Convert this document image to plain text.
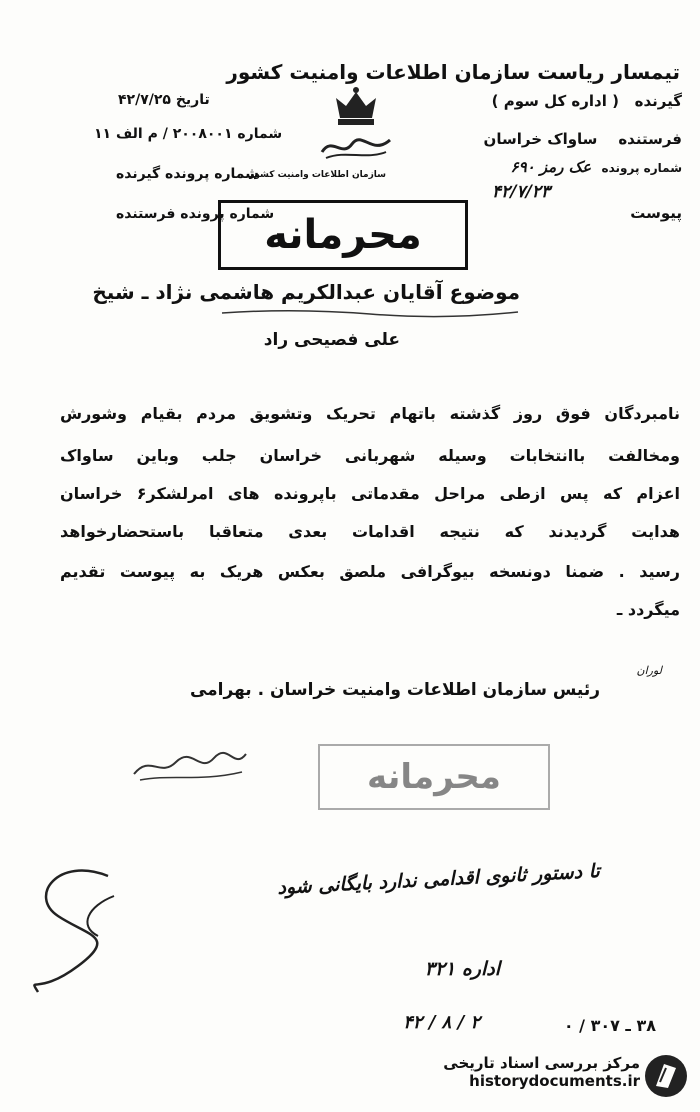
تیمسار ریاست سازمان اطلاعات وامنیت کشور
گیرنده   ( اداره کل سوم )
فرستنده    ساواک خراسان
شماره پرونده  عک رمز ۶۹۰
۴۲/۷/۲۳
پیوست
تاریخ ۴۲/۷/۲۵
شماره ۲۰۰۸۰۰۱ / م الف ۱۱
شماره پرونده گیرنده
شماره پرونده فرستنده

سازمان اطلاعات وامنیت کشور
محرمانه
موضوع آقایان عبدالکریم هاشمی نژاد ـ شیخ
علی فصیحی راد
نامبردگان فوق روز گذشته باتهام تحریک وتشویق مردم بقیام وشورش
ومخالفت باانتخابات وسیله شهربانی خراسان جلب وباین ساواک
اعزام که پس ازطی مراحل مقدماتی باپرونده های امرلشکر۶ خراسان
هدایت گردیدند که نتیجه اقدامات بعدی متعاقبا باستحضارخواهد
رسید . ضمنا دونسخه بیوگرافی ملصق بعکس هریک به پیوست تقدیم
میگردد ـ
لوران
رئیس سازمان اطلاعات وامنیت خراسان . بهرامی
محرمانه
تا دستور ثانوی اقدامی ندارد بایگانی شود
اداره ۳۲۱
۲ / ۸ / ۴۲	۳۸ ـ ۳۰۷ / ۰
مرکز بررسی اسناد تاریخی
historydocuments.ir
